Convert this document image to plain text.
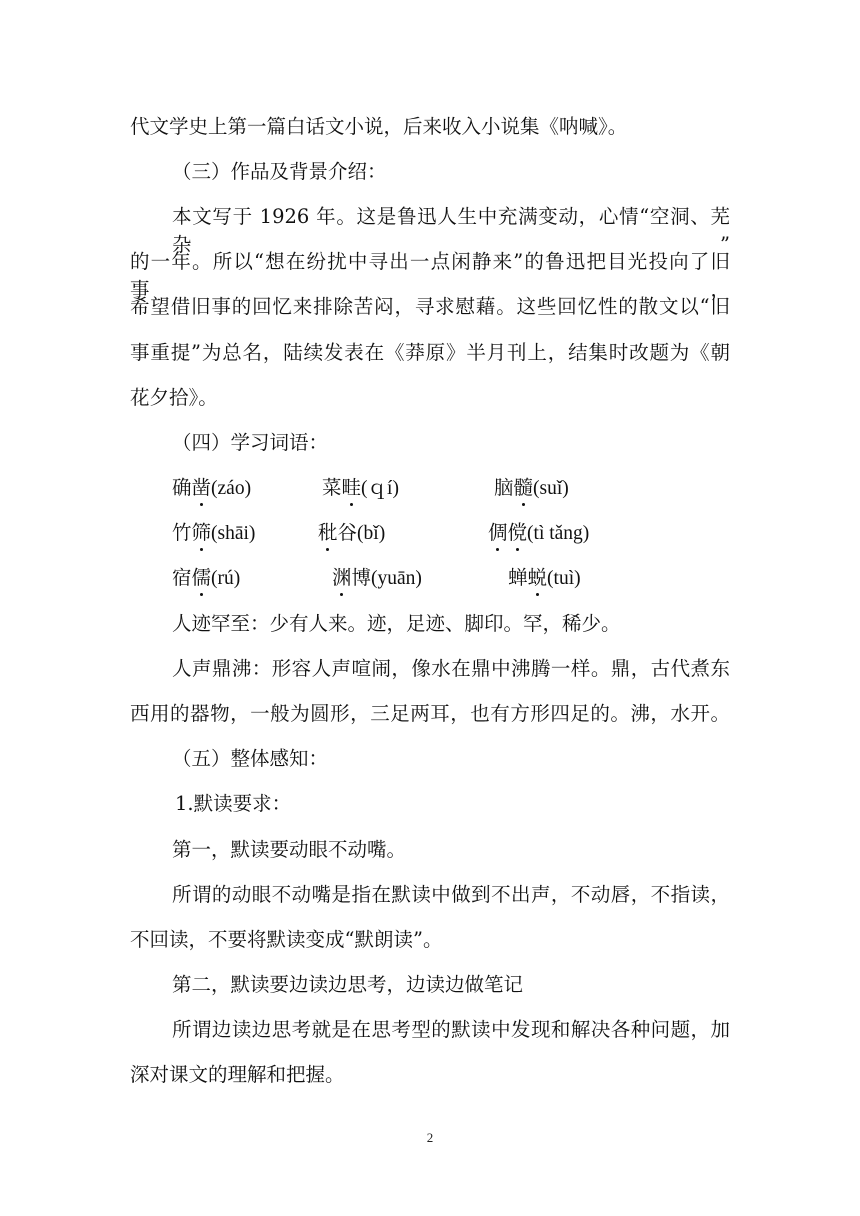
代文学史上第一篇白话文小说，后来收入小说集《呐喊》。
（三）作品及背景介绍：
本文写于 1926 年。这是鲁迅人生中充满变动，心情“空洞、芜杂”
的一年。所以“想在纷扰中寻出一点闲静来”的鲁迅把目光投向了旧事，
希望借旧事的回忆来排除苦闷，寻求慰藉。这些回忆性的散文以“旧
事重提”为总名，陆续发表在《莽原》半月刊上，结集时改题为《朝
花夕拾》。
（四）学习词语：
确凿(záo)	菜畦(ｑí)	脑髓(suǐ)
竹筛(shāi)	秕谷(bǐ)	倜傥(tì tǎng)
宿儒(rú)	渊博(yuān)	蝉蜕(tuì)
人迹罕至：少有人来。迹，足迹、脚印。罕，稀少。
人声鼎沸：形容人声喧闹，像水在鼎中沸腾一样。鼎，古代煮东
西用的器物，一般为圆形，三足两耳，也有方形四足的。沸，水开。
（五）整体感知：
1.默读要求：
第一，默读要动眼不动嘴。
所谓的动眼不动嘴是指在默读中做到不出声，不动唇，不指读，
不回读，不要将默读变成“默朗读”。
第二，默读要边读边思考，边读边做笔记
所谓边读边思考就是在思考型的默读中发现和解决各种问题，加
深对课文的理解和把握。
2
